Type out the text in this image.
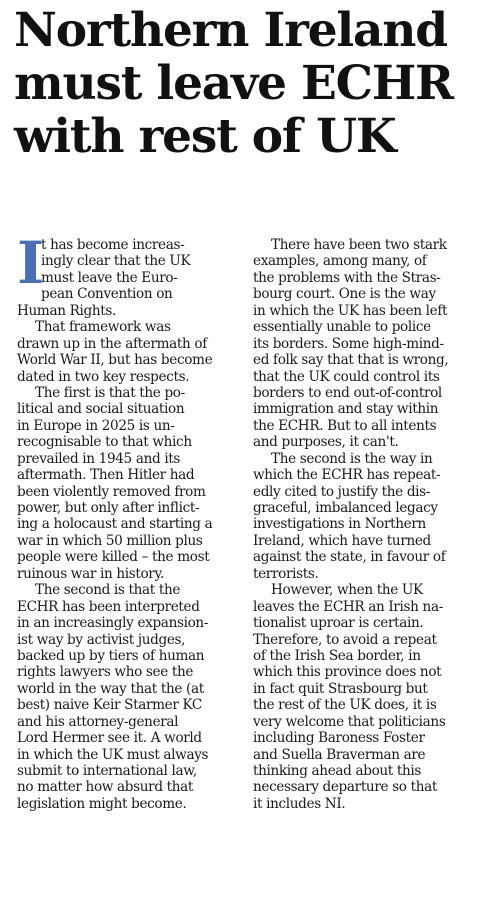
Northern Ireland
must leave ECHR
with rest of UK
I
t has become increas-
ingly clear that the UK
must leave the Euro-
pean Convention on
Human Rights.
That framework was
drawn up in the aftermath of
World War II, but has become
dated in two key respects.
The first is that the po-
litical and social situation
in Europe in 2025 is un-
recognisable to that which
prevailed in 1945 and its
aftermath. Then Hitler had
been violently removed from
power, but only after inflict-
ing a holocaust and starting a
war in which 50 million plus
people were killed – the most
ruinous war in history.
The second is that the
ECHR has been interpreted
in an increasingly expansion-
ist way by activist judges,
backed up by tiers of human
rights lawyers who see the
world in the way that the (at
best) naive Keir Starmer KC
and his attorney-general
Lord Hermer see it. A world
in which the UK must always
submit to international law,
no matter how absurd that
legislation might become.
There have been two stark
examples, among many, of
the problems with the Stras-
bourg court. One is the way
in which the UK has been left
essentially unable to police
its borders. Some high-mind-
ed folk say that that is wrong,
that the UK could control its
borders to end out-of-control
immigration and stay within
the ECHR. But to all intents
and purposes, it can't.
The second is the way in
which the ECHR has repeat-
edly cited to justify the dis-
graceful, imbalanced legacy
investigations in Northern
Ireland, which have turned
against the state, in favour of
terrorists.
However, when the UK
leaves the ECHR an Irish na-
tionalist uproar is certain.
Therefore, to avoid a repeat
of the Irish Sea border, in
which this province does not
in fact quit Strasbourg but
the rest of the UK does, it is
very welcome that politicians
including Baroness Foster
and Suella Braverman are
thinking ahead about this
necessary departure so that
it includes NI.
